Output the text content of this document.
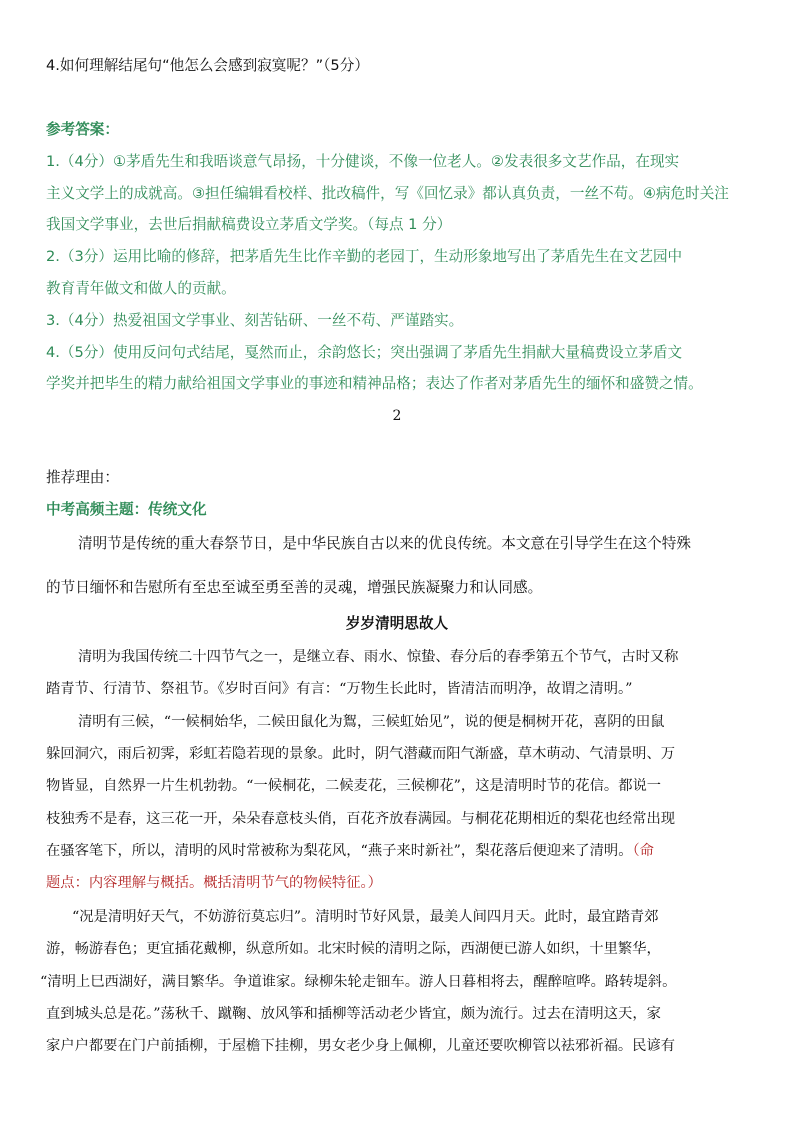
4.如何理解结尾句“他怎么会感到寂寞呢？”（5分）

参考答案：

1.（4分）①茅盾先生和我晤谈意气昂扬，十分健谈，不像一位老人。②发表很多文艺作品，在现实

主义文学上的成就高。③担任编辑看校样、批改稿件，写《回忆录》都认真负责，一丝不苟。④病危时关注

我国文学事业，去世后捐献稿费设立茅盾文学奖。（每点 1 分）

2.（3分）运用比喻的修辞，把茅盾先生比作辛勤的老园丁，生动形象地写出了茅盾先生在文艺园中

教育青年做文和做人的贡献。

3.（4分）热爱祖国文学事业、刻苦钻研、一丝不苟、严谨踏实。

4.（5分）使用反问句式结尾，戛然而止，余韵悠长；突出强调了茅盾先生捐献大量稿费设立茅盾文

学奖并把毕生的精力献给祖国文学事业的事迹和精神品格；表达了作者对茅盾先生的缅怀和盛赞之情。

2

推荐理由：

中考高频主题：传统文化

清明节是传统的重大春祭节日，是中华民族自古以来的优良传统。本文意在引导学生在这个特殊

的节日缅怀和告慰所有至忠至诚至勇至善的灵魂，增强民族凝聚力和认同感。

岁岁清明思故人

清明为我国传统二十四节气之一，是继立春、雨水、惊蛰、春分后的春季第五个节气，古时又称

踏青节、行清节、祭祖节。《岁时百问》有言：“万物生长此时，皆清洁而明净，故谓之清明。”

清明有三候，“一候桐始华，二候田鼠化为鴽，三候虹始见”，说的便是桐树开花，喜阴的田鼠

躲回洞穴，雨后初霁，彩虹若隐若现的景象。此时，阴气潜藏而阳气渐盛，草木萌动、气清景明、万

物皆显，自然界一片生机勃勃。“一候桐花，二候麦花，三候柳花”，这是清明时节的花信。都说一

枝独秀不是春，这三花一开，朵朵春意枝头俏，百花齐放春满园。与桐花花期相近的梨花也经常出现

在骚客笔下，所以，清明的风时常被称为梨花风，“燕子来时新社”，梨花落后便迎来了清明。（命

题点：内容理解与概括。概括清明节气的物候特征。）

“况是清明好天气，不妨游衍莫忘归”。清明时节好风景，最美人间四月天。此时，最宜踏青郊

游，畅游春色；更宜插花戴柳，纵意所如。北宋时候的清明之际，西湖便已游人如织，十里繁华，

“清明上巳西湖好，满目繁华。争道谁家。绿柳朱轮走钿车。游人日暮相将去，醒醉喧哗。路转堤斜。

直到城头总是花。”荡秋千、蹴鞠、放风筝和插柳等活动老少皆宜，颇为流行。过去在清明这天，家

家户户都要在门户前插柳，于屋檐下挂柳，男女老少身上佩柳，儿童还要吹柳管以祛邪祈福。民谚有
